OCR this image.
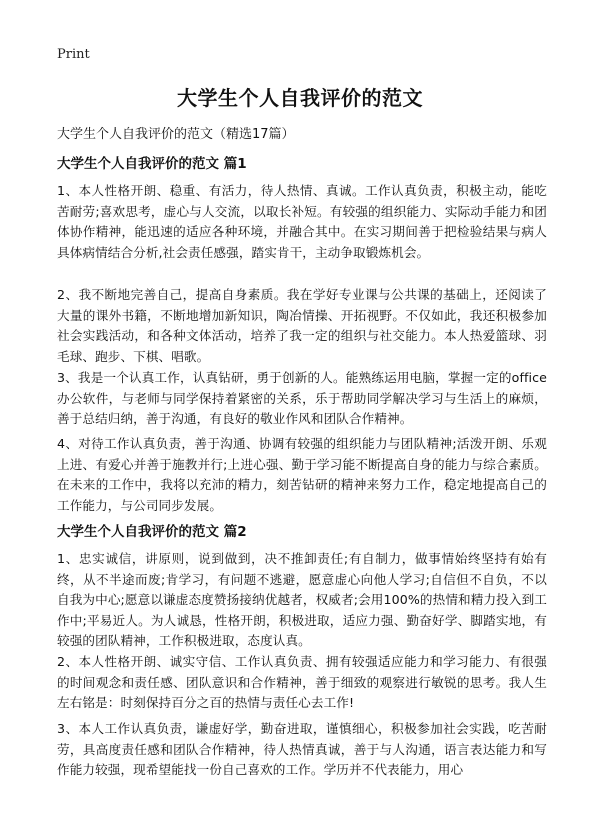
Print
大学生个人自我评价的范文
大学生个人自我评价的范文（精选17篇）
大学生个人自我评价的范文 篇1
1、本人性格开朗、稳重、有活力，待人热情、真诚。工作认真负责，积极主动，能吃苦耐劳;喜欢思考，虚心与人交流，以取长补短。有较强的组织能力、实际动手能力和团体协作精神，能迅速的适应各种环境，并融合其中。在实习期间善于把检验结果与病人具体病情结合分析,社会责任感强，踏实肯干，主动争取锻炼机会。
2、我不断地完善自己，提高自身素质。我在学好专业课与公共课的基础上，还阅读了大量的课外书籍，不断地增加新知识，陶冶情操、开拓视野。不仅如此，我还积极参加社会实践活动，和各种文体活动，培养了我一定的组织与社交能力。本人热爱篮球、羽毛球、跑步、下棋、唱歌。
3、我是一个认真工作，认真钻研，勇于创新的人。能熟练运用电脑，掌握一定的office办公软件，与老师与同学保持着紧密的关系，乐于帮助同学解决学习与生活上的麻烦，善于总结归纳，善于沟通，有良好的敬业作风和团队合作精神。
4、对待工作认真负责，善于沟通、协调有较强的组织能力与团队精神;活泼开朗、乐观上进、有爱心并善于施教并行;上进心强、勤于学习能不断提高自身的能力与综合素质。在未来的工作中，我将以充沛的精力，刻苦钻研的精神来努力工作，稳定地提高自己的工作能力，与公司同步发展。
大学生个人自我评价的范文 篇2
1、忠实诚信，讲原则，说到做到，决不推卸责任;有自制力，做事情始终坚持有始有终，从不半途而废;肯学习，有问题不逃避，愿意虚心向他人学习;自信但不自负，不以自我为中心;愿意以谦虚态度赞扬接纳优越者，权威者;会用100%的热情和精力投入到工作中;平易近人。为人诚恳，性格开朗，积极进取，适应力强、勤奋好学、脚踏实地，有较强的团队精神，工作积极进取，态度认真。
2、本人性格开朗、诚实守信、工作认真负责、拥有较强适应能力和学习能力、有很强的时间观念和责任感、团队意识和合作精神，善于细致的观察进行敏锐的思考。我人生左右铭是：时刻保持百分之百的热情与责任心去工作!
3、本人工作认真负责，谦虚好学，勤奋进取，谨慎细心，积极参加社会实践，吃苦耐劳，具高度责任感和团队合作精神，待人热情真诚，善于与人沟通，语言表达能力和写作能力较强，现希望能找一份自己喜欢的工作。学历并不代表能力，用心
